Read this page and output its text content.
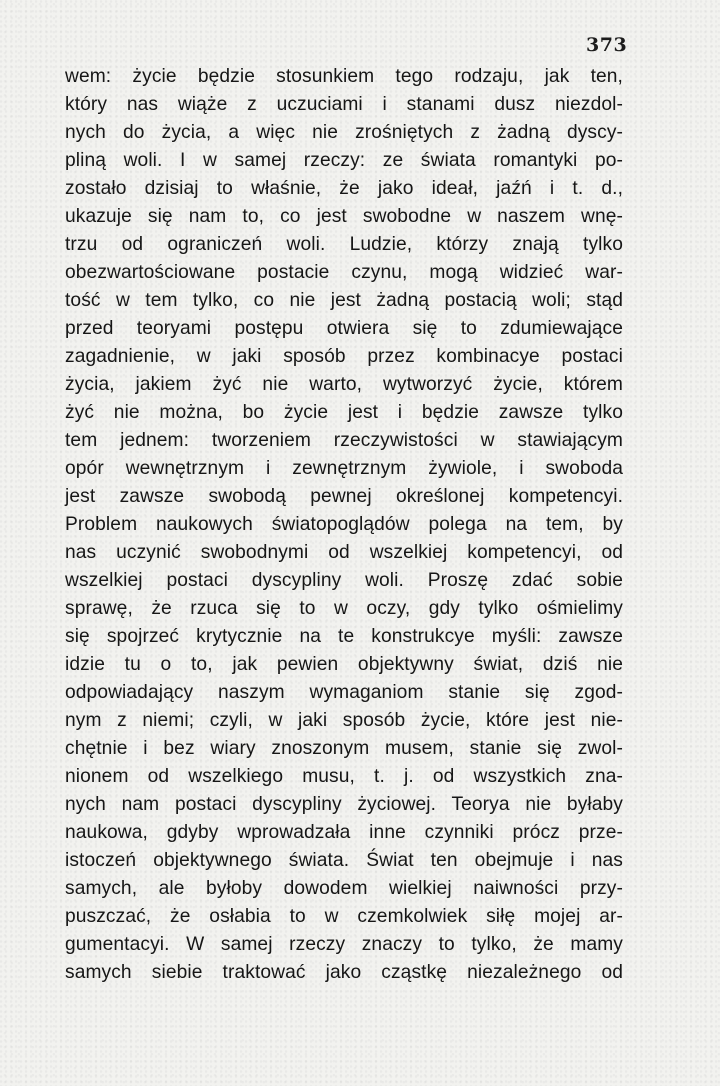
373
wem: życie będzie stosunkiem tego rodzaju, jak ten,
który nas wiąże z uczuciami i stanami dusz niezdol-
nych do życia, a więc nie zrośniętych z żadną dyscy-
pliną woli. I w samej rzeczy: ze świata romantyki po-
zostało dzisiaj to właśnie, że jako ideał, jaźń i t. d.,
ukazuje się nam to, co jest swobodne w naszem wnę-
trzu od ograniczeń woli. Ludzie, którzy znają tylko
obezwartościowane postacie czynu, mogą widzieć war-
tość w tem tylko, co nie jest żadną postacią woli; stąd
przed teoryami postępu otwiera się to zdumiewające
zagadnienie, w jaki sposób przez kombinacye postaci
życia, jakiem żyć nie warto, wytworzyć życie, którem
żyć nie można, bo życie jest i będzie zawsze tylko
tem jednem: tworzeniem rzeczywistości w stawiającym
opór wewnętrznym i zewnętrznym żywiole, i swoboda
jest zawsze swobodą pewnej określonej kompetencyi.
Problem naukowych światopoglądów polega na tem, by
nas uczynić swobodnymi od wszelkiej kompetencyi, od
wszelkiej postaci dyscypliny woli. Proszę zdać sobie
sprawę, że rzuca się to w oczy, gdy tylko ośmielimy
się spojrzeć krytycznie na te konstrukcye myśli: zawsze
idzie tu o to, jak pewien objektywny świat, dziś nie
odpowiadający naszym wymaganiom stanie się zgod-
nym z niemi; czyli, w jaki sposób życie, które jest nie-
chętnie i bez wiary znoszonym musem, stanie się zwol-
nionem od wszelkiego musu, t. j. od wszystkich zna-
nych nam postaci dyscypliny życiowej. Teorya nie byłaby
naukowa, gdyby wprowadzała inne czynniki prócz prze-
istoczeń objektywnego świata. Świat ten obejmuje i nas
samych, ale byłoby dowodem wielkiej naiwności przy-
puszczać, że osłabia to w czemkolwiek siłę mojej ar-
gumentacyi. W samej rzeczy znaczy to tylko, że mamy
samych siebie traktować jako cząstkę niezależnego od
